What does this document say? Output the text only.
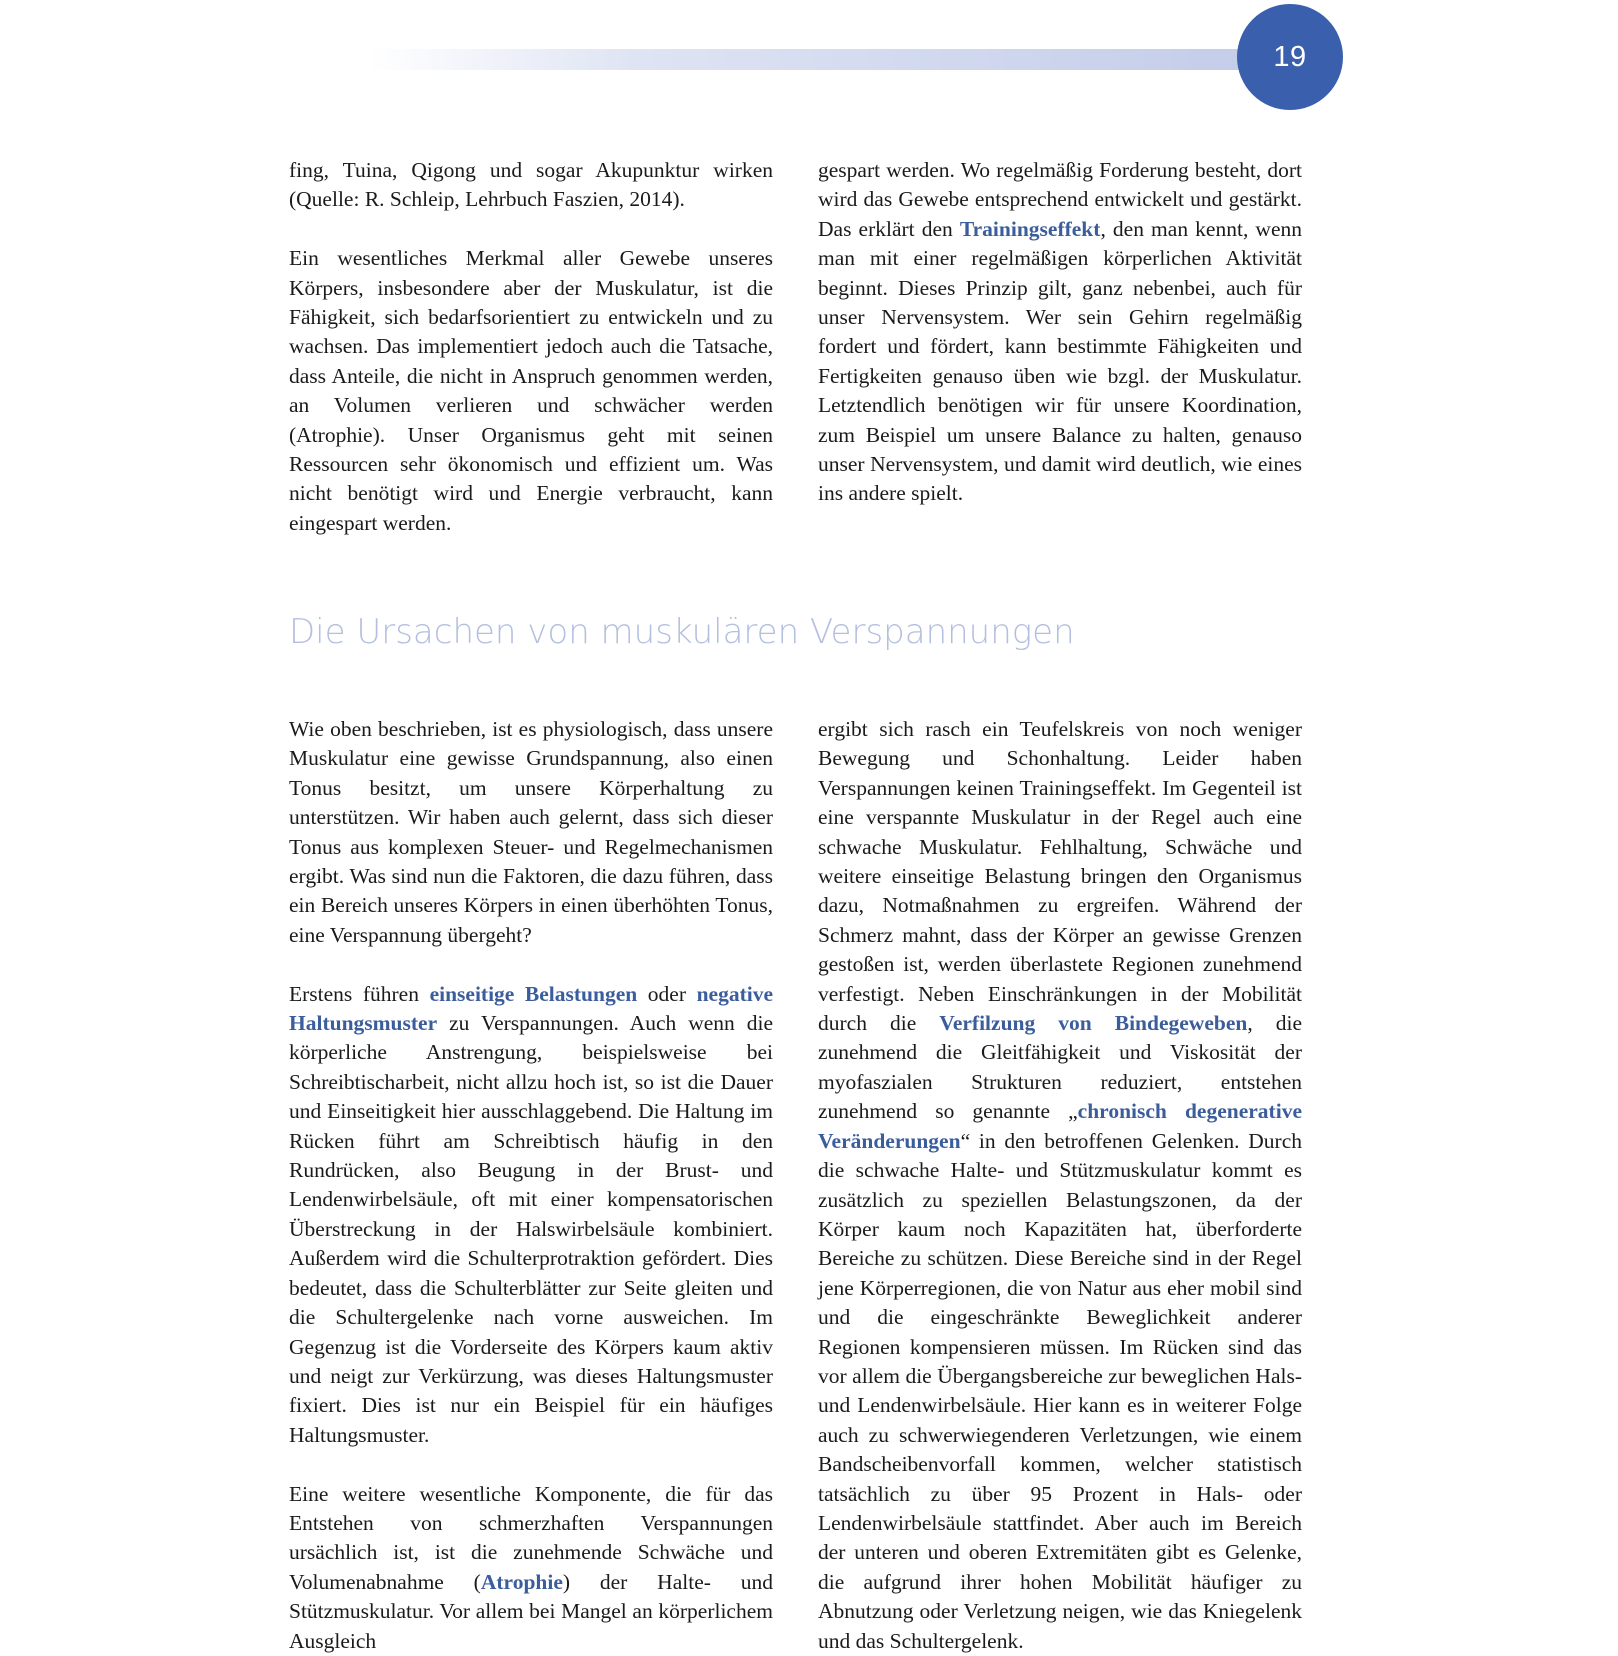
19

fing, Tuina, Qigong und sogar Akupunktur wirken (Quelle: R. Schleip, Lehrbuch Faszien, 2014).

Ein wesentliches Merkmal aller Gewebe unseres Körpers, insbesondere aber der Muskulatur, ist die Fähigkeit, sich bedarfsorientiert zu entwickeln und zu wachsen. Das implementiert jedoch auch die Tatsache, dass Anteile, die nicht in Anspruch genommen werden, an Volumen verlieren und schwächer werden (Atrophie). Unser Organismus geht mit seinen Ressourcen sehr ökonomisch und effizient um. Was nicht benötigt wird und Energie verbraucht, kann eingespart werden.

gespart werden. Wo regelmäßig Forderung besteht, dort wird das Gewebe entsprechend entwickelt und gestärkt. Das erklärt den Trainingseffekt, den man kennt, wenn man mit einer regelmäßigen körperlichen Aktivität beginnt. Dieses Prinzip gilt, ganz nebenbei, auch für unser Nervensystem. Wer sein Gehirn regelmäßig fordert und fördert, kann bestimmte Fähigkeiten und Fertigkeiten genauso üben wie bzgl. der Muskulatur. Letztendlich benötigen wir für unsere Koordination, zum Beispiel um unsere Balance zu halten, genauso unser Nervensystem, und damit wird deutlich, wie eines ins andere spielt.

Die Ursachen von muskulären Verspannungen

Wie oben beschrieben, ist es physiologisch, dass unsere Muskulatur eine gewisse Grundspannung, also einen Tonus besitzt, um unsere Körperhaltung zu unterstützen. Wir haben auch gelernt, dass sich dieser Tonus aus komplexen Steuer- und Regelmechanismen ergibt. Was sind nun die Faktoren, die dazu führen, dass ein Bereich unseres Körpers in einen überhöhten Tonus, eine Verspannung übergeht?

Erstens führen einseitige Belastungen oder negative Haltungsmuster zu Verspannungen. Auch wenn die körperliche Anstrengung, beispielsweise bei Schreibtischarbeit, nicht allzu hoch ist, so ist die Dauer und Einseitigkeit hier ausschlaggebend. Die Haltung im Rücken führt am Schreibtisch häufig in den Rundrücken, also Beugung in der Brust- und Lendenwirbelsäule, oft mit einer kompensatorischen Überstreckung in der Halswirbelsäule kombiniert. Außerdem wird die Schulterprotraktion gefördert. Dies bedeutet, dass die Schulterblätter zur Seite gleiten und die Schultergelenke nach vorne ausweichen. Im Gegenzug ist die Vorderseite des Körpers kaum aktiv und neigt zur Verkürzung, was dieses Haltungsmuster fixiert. Dies ist nur ein Beispiel für ein häufiges Haltungsmuster.

Eine weitere wesentliche Komponente, die für das Entstehen von schmerzhaften Verspannungen ursächlich ist, ist die zunehmende Schwäche und Volumenabnahme (Atrophie) der Halte- und Stützmuskulatur. Vor allem bei Mangel an körperlichem Ausgleich

ergibt sich rasch ein Teufelskreis von noch weniger Bewegung und Schonhaltung. Leider haben Verspannungen keinen Trainingseffekt. Im Gegenteil ist eine verspannte Muskulatur in der Regel auch eine schwache Muskulatur. Fehlhaltung, Schwäche und weitere einseitige Belastung bringen den Organismus dazu, Notmaßnahmen zu ergreifen. Während der Schmerz mahnt, dass der Körper an gewisse Grenzen gestoßen ist, werden überlastete Regionen zunehmend verfestigt. Neben Einschränkungen in der Mobilität durch die Verfilzung von Bindegeweben, die zunehmend die Gleitfähigkeit und Viskosität der myofaszialen Strukturen reduziert, entstehen zunehmend so genannte „chronisch degenerative Veränderungen“ in den betroffenen Gelenken. Durch die schwache Halte- und Stützmuskulatur kommt es zusätzlich zu speziellen Belastungszonen, da der Körper kaum noch Kapazitäten hat, überforderte Bereiche zu schützen. Diese Bereiche sind in der Regel jene Körperregionen, die von Natur aus eher mobil sind und die eingeschränkte Beweglichkeit anderer Regionen kompensieren müssen. Im Rücken sind das vor allem die Übergangsbereiche zur beweglichen Hals- und Lendenwirbelsäule. Hier kann es in weiterer Folge auch zu schwerwiegenderen Verletzungen, wie einem Bandscheibenvorfall kommen, welcher statistisch tatsächlich zu über 95 Prozent in Hals- oder Lendenwirbelsäule stattfindet. Aber auch im Bereich der unteren und oberen Extremitäten gibt es Gelenke, die aufgrund ihrer hohen Mobilität häufiger zu Abnutzung oder Verletzung neigen, wie das Kniegelenk und das Schultergelenk.
